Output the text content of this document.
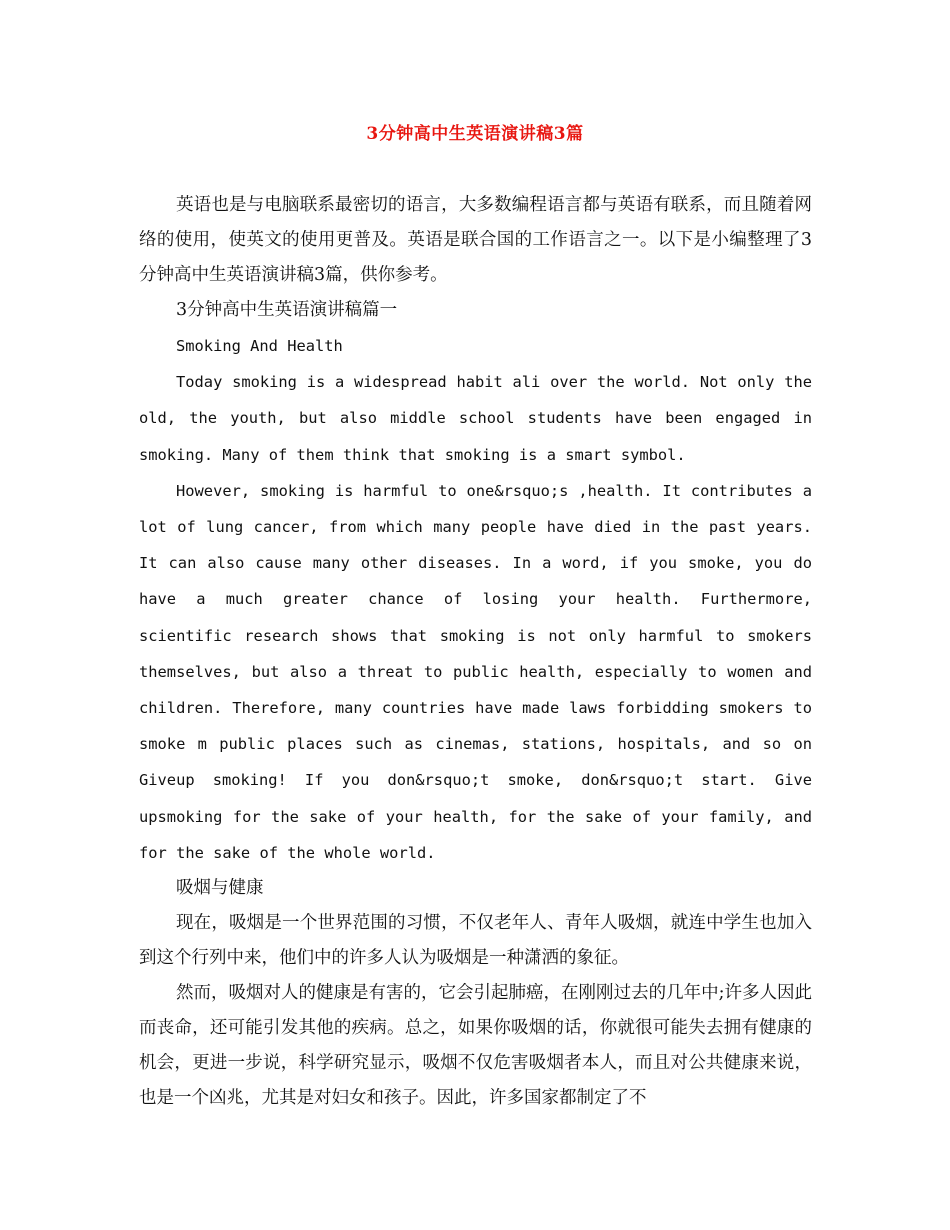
3分钟高中生英语演讲稿3篇

英语也是与电脑联系最密切的语言，大多数编程语言都与英语有联系，而且随着网络的使用，使英文的使用更普及。英语是联合国的工作语言之一。以下是小编整理了3分钟高中生英语演讲稿3篇，供你参考。

3分钟高中生英语演讲稿篇一

Smoking And Health

Today smoking is a widespread habit ali over the world. Not only the old, the youth, but also middle school students have been engaged in smoking. Many of them think that smoking is a smart symbol.

However, smoking is harmful to one&rsquo;s ,health. It contributes a lot of lung cancer, from which many people have died in the past years. It can also cause many other diseases. In a word, if you smoke, you do have a much greater chance of losing your health. Furthermore, scientific research shows that smoking is not only harmful to smokers themselves, but also a threat to public health, especially to women and children. Therefore, many countries have made laws forbidding smokers to smoke m public places such as cinemas, stations, hospitals, and so on Giveup smoking! If you don&rsquo;t smoke, don&rsquo;t start. Give upsmoking for the sake of your health, for the sake of your family, and for the sake of the whole world.

吸烟与健康

现在，吸烟是一个世界范围的习惯，不仅老年人、青年人吸烟，就连中学生也加入到这个行列中来，他们中的许多人认为吸烟是一种潇洒的象征。

然而，吸烟对人的健康是有害的，它会引起肺癌，在刚刚过去的几年中;许多人因此而丧命，还可能引发其他的疾病。总之，如果你吸烟的话，你就很可能失去拥有健康的机会，更进一步说，科学研究显示，吸烟不仅危害吸烟者本人，而且对公共健康来说，也是一个凶兆，尤其是对妇女和孩子。因此，许多国家都制定了不
